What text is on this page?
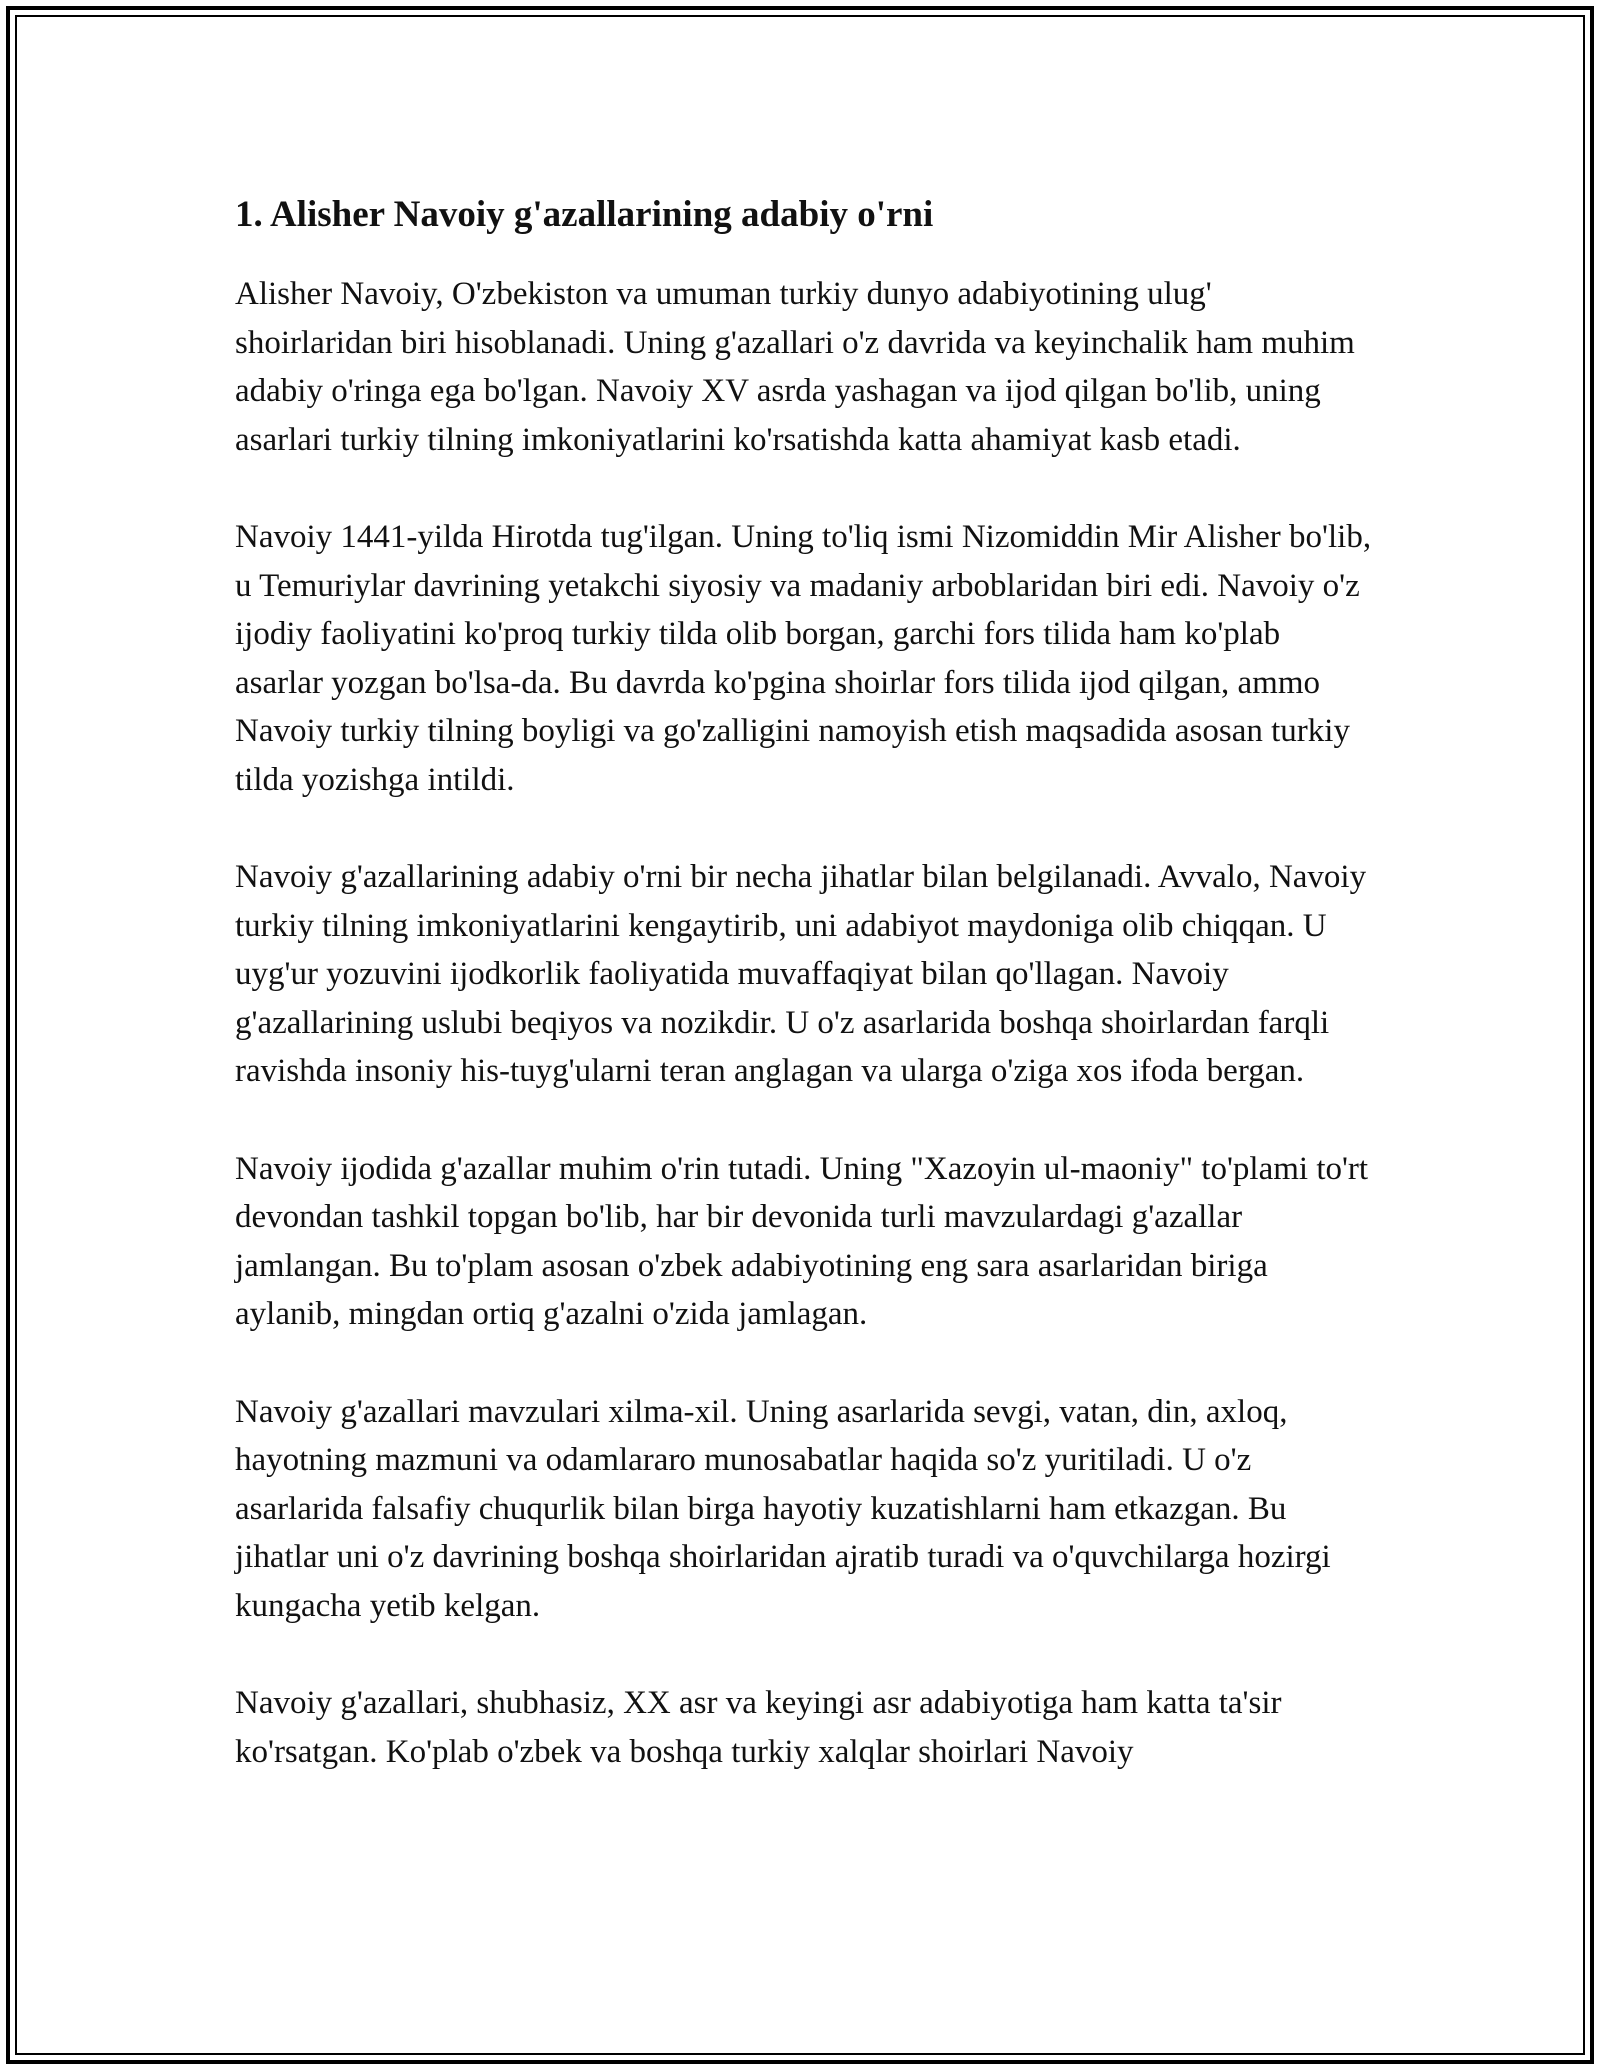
1. Alisher Navoiy g'azallarining adabiy o'rni

Alisher Navoiy, O'zbekiston va umuman turkiy dunyo adabiyotining ulug' shoirlaridan biri hisoblanadi. Uning g'azallari o'z davrida va keyinchalik ham muhim adabiy o'ringa ega bo'lgan. Navoiy XV asrda yashagan va ijod qilgan bo'lib, uning asarlari turkiy tilning imkoniyatlarini ko'rsatishda katta ahamiyat kasb etadi.

Navoiy 1441-yilda Hirotda tug'ilgan. Uning to'liq ismi Nizomiddin Mir Alisher bo'lib, u Temuriylar davrining yetakchi siyosiy va madaniy arboblaridan biri edi. Navoiy o'z ijodiy faoliyatini ko'proq turkiy tilda olib borgan, garchi fors tilida ham ko'plab asarlar yozgan bo'lsa-da. Bu davrda ko'pgina shoirlar fors tilida ijod qilgan, ammo Navoiy turkiy tilning boyligi va go'zalligini namoyish etish maqsadida asosan turkiy tilda yozishga intildi.

Navoiy g'azallarining adabiy o'rni bir necha jihatlar bilan belgilanadi. Avvalo, Navoiy turkiy tilning imkoniyatlarini kengaytirib, uni adabiyot maydoniga olib chiqqan. U uyg'ur yozuvini ijodkorlik faoliyatida muvaffaqiyat bilan qo'llagan. Navoiy g'azallarining uslubi beqiyos va nozikdir. U o'z asarlarida boshqa shoirlardan farqli ravishda insoniy his-tuyg'ularni teran anglagan va ularga o'ziga xos ifoda bergan.

Navoiy ijodida g'azallar muhim o'rin tutadi. Uning "Xazoyin ul-maoniy" to'plami to'rt devondan tashkil topgan bo'lib, har bir devonida turli mavzulardagi g'azallar jamlangan. Bu to'plam asosan o'zbek adabiyotining eng sara asarlaridan biriga aylanib, mingdan ortiq g'azalni o'zida jamlagan.

Navoiy g'azallari mavzulari xilma-xil. Uning asarlarida sevgi, vatan, din, axloq, hayotning mazmuni va odamlararo munosabatlar haqida so'z yuritiladi. U o'z asarlarida falsafiy chuqurlik bilan birga hayotiy kuzatishlarni ham etkazgan. Bu jihatlar uni o'z davrining boshqa shoirlaridan ajratib turadi va o'quvchilarga hozirgi kungacha yetib kelgan.

Navoiy g'azallari, shubhasiz, XX asr va keyingi asr adabiyotiga ham katta ta'sir ko'rsatgan. Ko'plab o'zbek va boshqa turkiy xalqlar shoirlari Navoiy
